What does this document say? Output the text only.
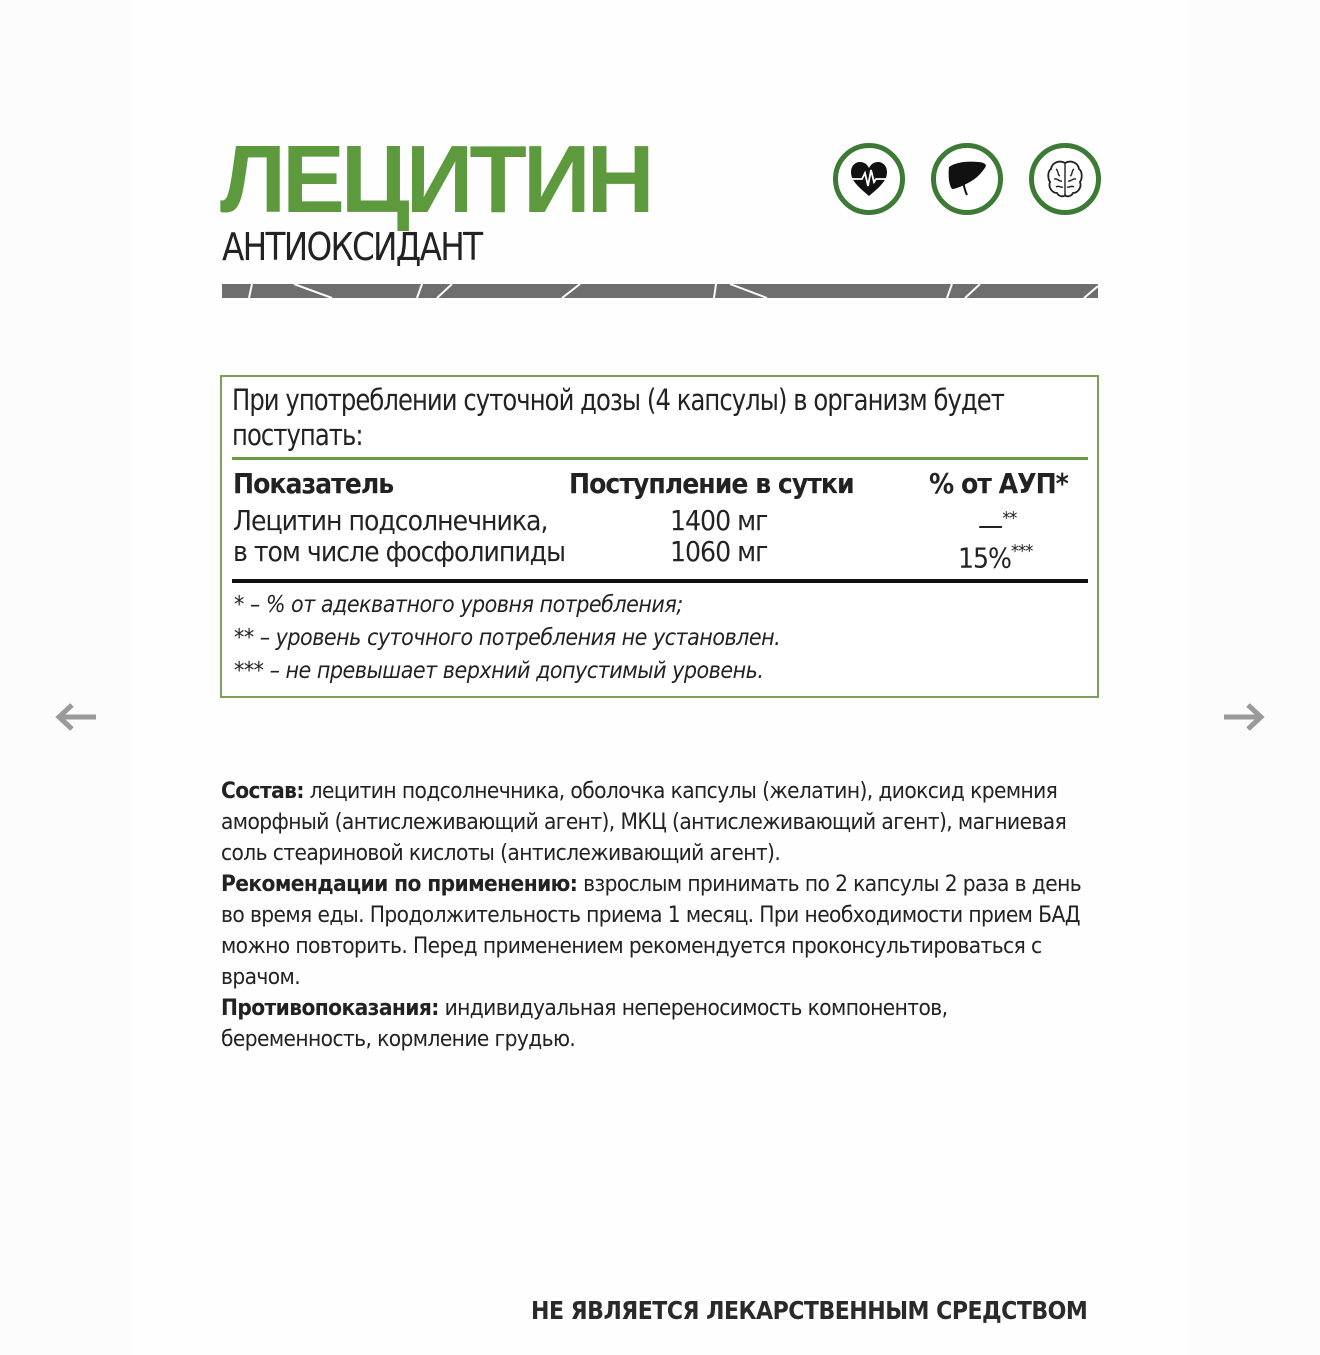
ЛЕЦИТИН
АНТИОКСИДАНТ
При употреблении суточной дозы (4 капсулы) в организм будет поступать:
Показатель	Поступление в сутки	% от АУП*
Лецитин подсолнечника,	1400 мг	—**
в том числе фосфолипиды	1060 мг	15%***
* – % от адекватного уровня потребления;
** – уровень суточного потребления не установлен.
*** – не превышает верхний допустимый уровень.

Состав: лецитин подсолнечника, оболочка капсулы (желатин), диоксид кремния аморфный (антислеживающий агент), МКЦ (антислеживающий агент), магниевая соль стеариновой кислоты (антислеживающий агент).

Рекомендации по применению: взрослым принимать по 2 капсулы 2 раза в день во время еды. Продолжительность приема 1 месяц. При необходимости прием БАД можно повторить. Перед применением рекомендуется проконсультироваться с врачом.

Противопоказания: индивидуальная непереносимость компонентов, беременность, кормление грудью.

НЕ ЯВЛЯЕТСЯ ЛЕКАРСТВЕННЫМ СРЕДСТВОМ
